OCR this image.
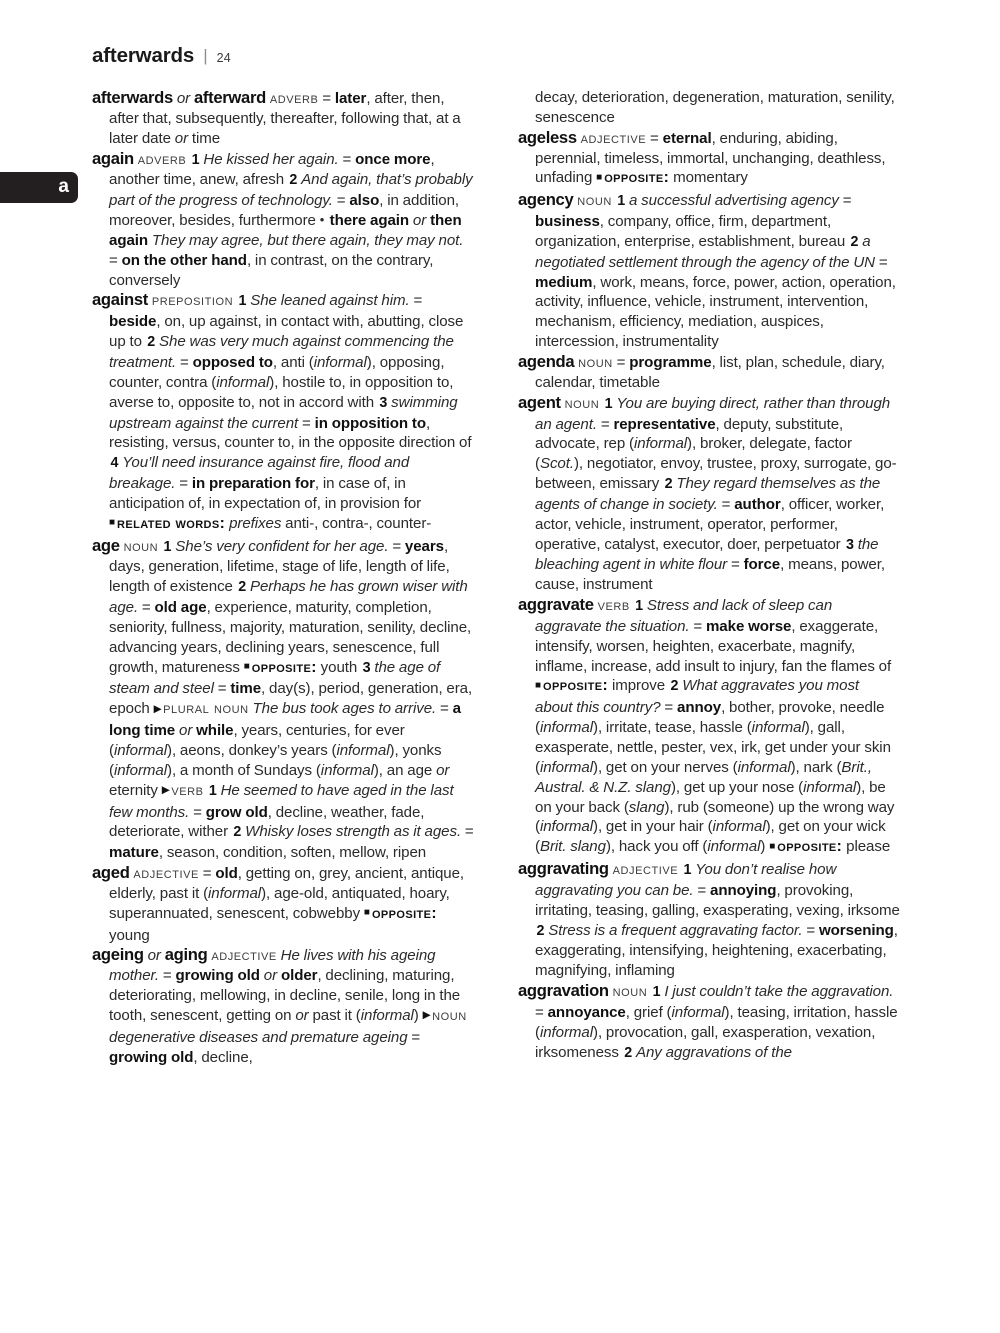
afterwards | 24
a

afterwards or afterward adverb = later, after, then, after that, subsequently, thereafter, following that, at a later date or time

again adverb 1 He kissed her again. = once more, another time, anew, afresh 2 And again, that’s probably part of the progress of technology. = also, in addition, moreover, besides, furthermore • there again or then again They may agree, but there again, they may not. = on the other hand, in contrast, on the contrary, conversely

against preposition 1 She leaned against him. = beside, on, up against, in contact with, abutting, close up to 2 She was very much against commencing the treatment. = opposed to, anti (informal), opposing, counter, contra (informal), hostile to, in opposition to, averse to, opposite to, not in accord with 3 swimming upstream against the current = in opposition to, resisting, versus, counter to, in the opposite direction of 4 You’ll need insurance against fire, flood and breakage. = in preparation for, in case of, in anticipation of, in expectation of, in provision for ■related words: prefixes anti-, contra-, counter-

age noun 1 She’s very confident for her age. = years, days, generation, lifetime, stage of life, length of life, length of existence 2 Perhaps he has grown wiser with age. = old age, experience, maturity, completion, seniority, fullness, majority, maturation, senility, decline, advancing years, declining years, senescence, full growth, matureness ■opposite: youth 3 the age of steam and steel = time, day(s), period, generation, era, epoch ▶plural noun The bus took ages to arrive. = a long time or while, years, centuries, for ever (informal), aeons, donkey’s years (informal), yonks (informal), a month of Sundays (informal), an age or eternity ▶verb 1 He seemed to have aged in the last few months. = grow old, decline, weather, fade, deteriorate, wither 2 Whisky loses strength as it ages. = mature, season, condition, soften, mellow, ripen

aged adjective = old, getting on, grey, ancient, antique, elderly, past it (informal), age-old, antiquated, hoary, superannuated, senescent, cobwebby ■opposite: young

ageing or aging adjective He lives with his ageing mother. = growing old or older, declining, maturing, deteriorating, mellowing, in decline, senile, long in the tooth, senescent, getting on or past it (informal) ▶noun degenerative diseases and premature ageing = growing old, decline,

decay, deterioration, degeneration, maturation, senility, senescence

ageless adjective = eternal, enduring, abiding, perennial, timeless, immortal, unchanging, deathless, unfading ■opposite: momentary

agency noun 1 a successful advertising agency = business, company, office, firm, department, organization, enterprise, establishment, bureau 2 a negotiated settlement through the agency of the UN = medium, work, means, force, power, action, operation, activity, influence, vehicle, instrument, intervention, mechanism, efficiency, mediation, auspices, intercession, instrumentality

agenda noun = programme, list, plan, schedule, diary, calendar, timetable

agent noun 1 You are buying direct, rather than through an agent. = representative, deputy, substitute, advocate, rep (informal), broker, delegate, factor (Scot.), negotiator, envoy, trustee, proxy, surrogate, go-between, emissary 2 They regard themselves as the agents of change in society. = author, officer, worker, actor, vehicle, instrument, operator, performer, operative, catalyst, executor, doer, perpetuator 3 the bleaching agent in white flour = force, means, power, cause, instrument

aggravate verb 1 Stress and lack of sleep can aggravate the situation. = make worse, exaggerate, intensify, worsen, heighten, exacerbate, magnify, inflame, increase, add insult to injury, fan the flames of ■opposite: improve 2 What aggravates you most about this country? = annoy, bother, provoke, needle (informal), irritate, tease, hassle (informal), gall, exasperate, nettle, pester, vex, irk, get under your skin (informal), get on your nerves (informal), nark (Brit., Austral. & N.Z. slang), get up your nose (informal), be on your back (slang), rub (someone) up the wrong way (informal), get in your hair (informal), get on your wick (Brit. slang), hack you off (informal) ■opposite: please

aggravating adjective 1 You don’t realise how aggravating you can be. = annoying, provoking, irritating, teasing, galling, exasperating, vexing, irksome 2 Stress is a frequent aggravating factor. = worsening, exaggerating, intensifying, heightening, exacerbating, magnifying, inflaming

aggravation noun 1 I just couldn’t take the aggravation. = annoyance, grief (informal), teasing, irritation, hassle (informal), provocation, gall, exasperation, vexation, irksomeness 2 Any aggravations of the
